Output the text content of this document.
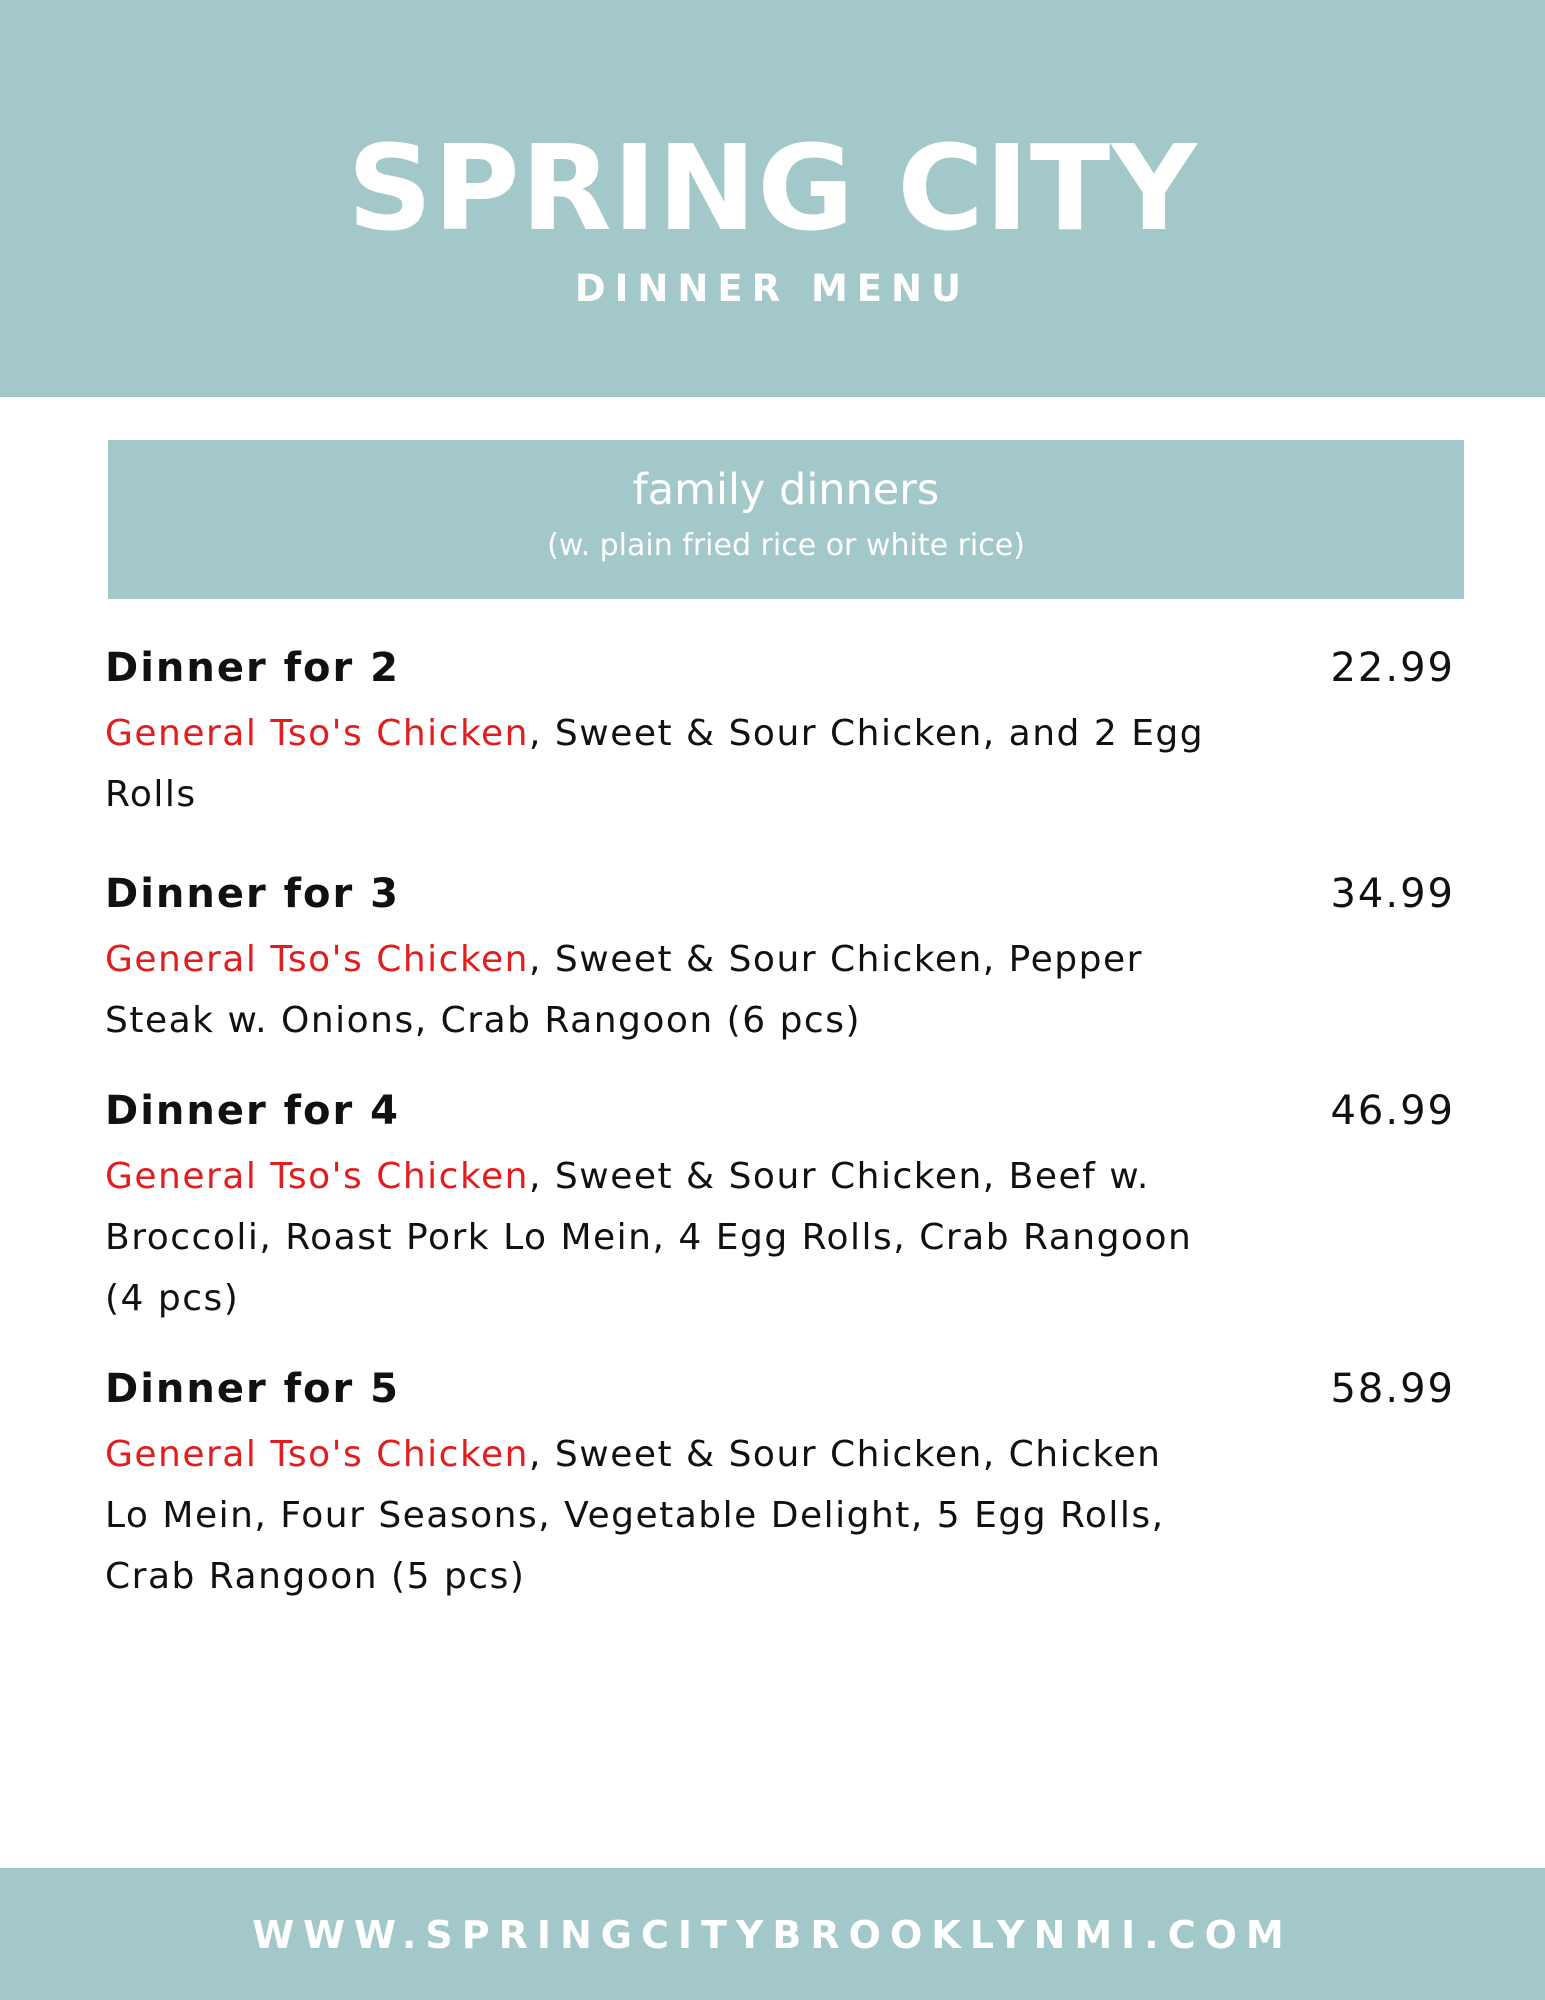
SPRING CITY
DINNER MENU
family dinners
(w. plain fried rice or white rice)
Dinner for 2	22.99
General Tso's Chicken, Sweet & Sour Chicken, and 2 Egg Rolls
Dinner for 3	34.99
General Tso's Chicken, Sweet & Sour Chicken, Pepper Steak w. Onions, Crab Rangoon (6 pcs)
Dinner for 4	46.99
General Tso's Chicken, Sweet & Sour Chicken, Beef w. Broccoli, Roast Pork Lo Mein, 4 Egg Rolls, Crab Rangoon (4 pcs)
Dinner for 5	58.99
General Tso's Chicken, Sweet & Sour Chicken, Chicken Lo Mein, Four Seasons, Vegetable Delight, 5 Egg Rolls, Crab Rangoon (5 pcs)
WWW.SPRINGCITYBROOKLYNMI.COM
